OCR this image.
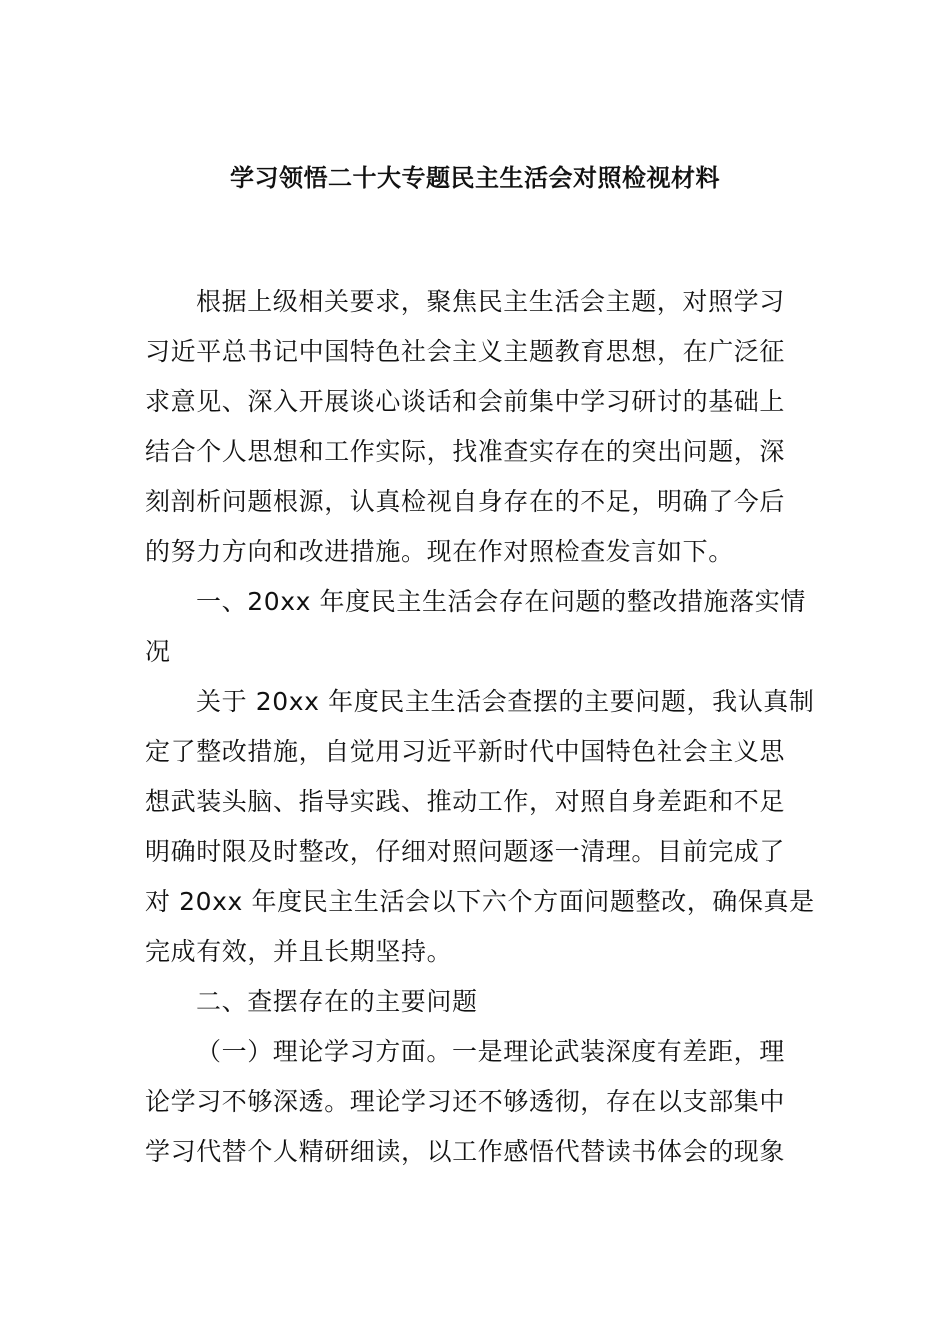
学习领悟二十大专题民主生活会对照检视材料
根据上级相关要求，聚焦民主生活会主题，对照学习
习近平总书记中国特色社会主义主题教育思想，在广泛征
求意见、深入开展谈心谈话和会前集中学习研讨的基础上
结合个人思想和工作实际，找准查实存在的突出问题，深
刻剖析问题根源，认真检视自身存在的不足，明确了今后
的努力方向和改进措施。现在作对照检查发言如下。
一、20xx 年度民主生活会存在问题的整改措施落实情
况
关于 20xx 年度民主生活会查摆的主要问题，我认真制
定了整改措施，自觉用习近平新时代中国特色社会主义思
想武装头脑、指导实践、推动工作，对照自身差距和不足
明确时限及时整改，仔细对照问题逐一清理。目前完成了
对 20xx 年度民主生活会以下六个方面问题整改，确保真是
完成有效，并且长期坚持。
二、查摆存在的主要问题
（一）理论学习方面。一是理论武装深度有差距，理
论学习不够深透。理论学习还不够透彻，存在以支部集中
学习代替个人精研细读，以工作感悟代替读书体会的现象
